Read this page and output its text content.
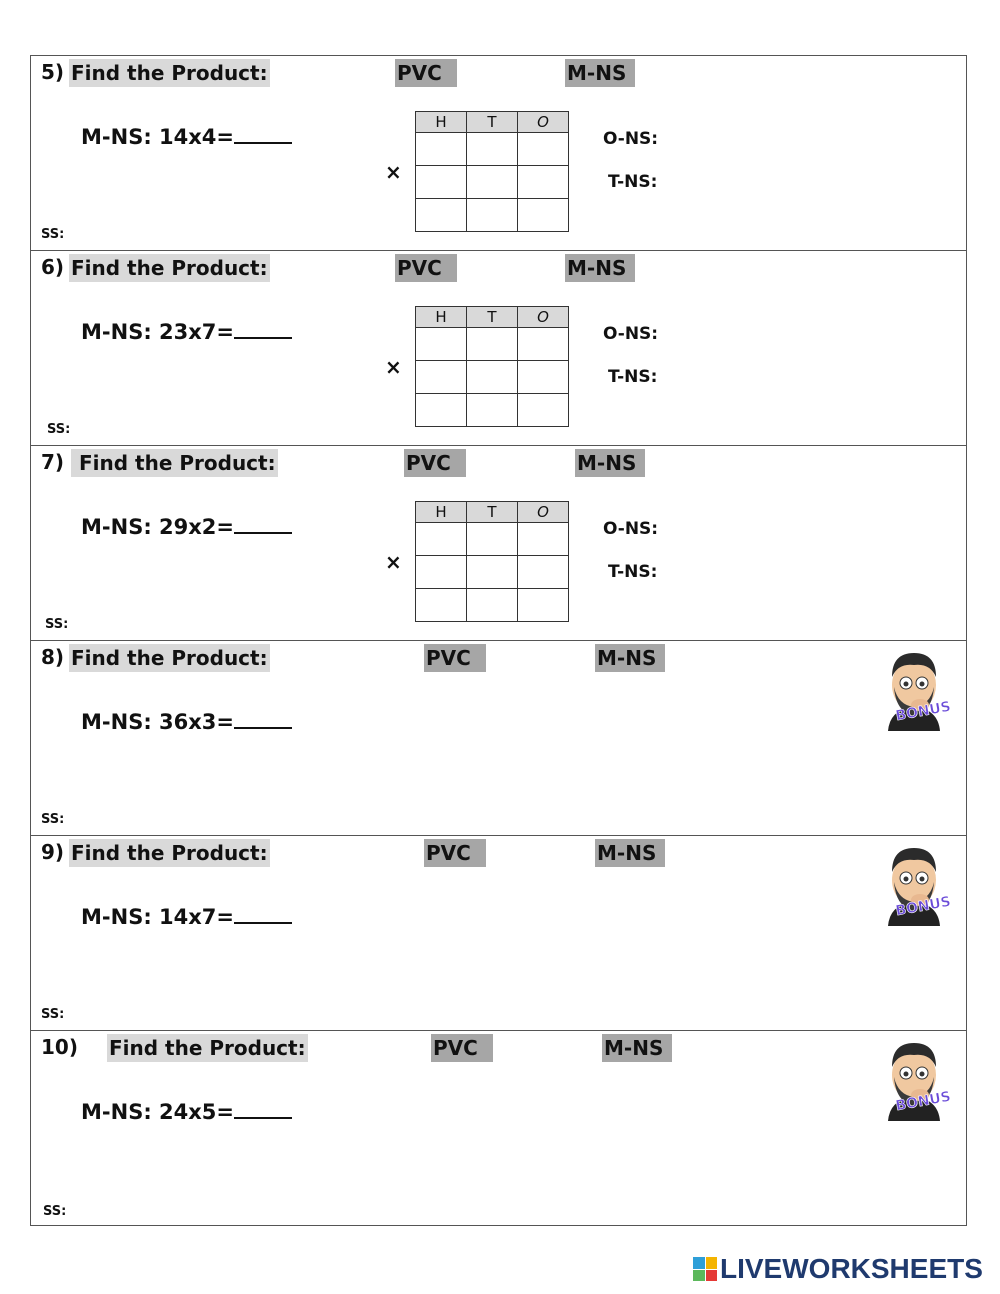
5) Find the Product:	PVC	M-NS
M-NS: 14x4=
×
H	T	O

O-NS:
T-NS:
SS:
6) Find the Product:	PVC	M-NS
M-NS: 23x7=
×
H	T	O

O-NS:
T-NS:
SS:
7) Find the Product:	PVC	M-NS
M-NS: 29x2=
×
H	T	O

O-NS:
T-NS:
SS:
8) Find the Product:	PVC	M-NS
M-NS: 36x3=	BONUS
SS:
9) Find the Product:	PVC	M-NS
M-NS: 14x7=	BONUS
SS:
10) Find the Product:	PVC	M-NS
M-NS: 24x5=	BONUS
SS:
LIVEWORKSHEETS
